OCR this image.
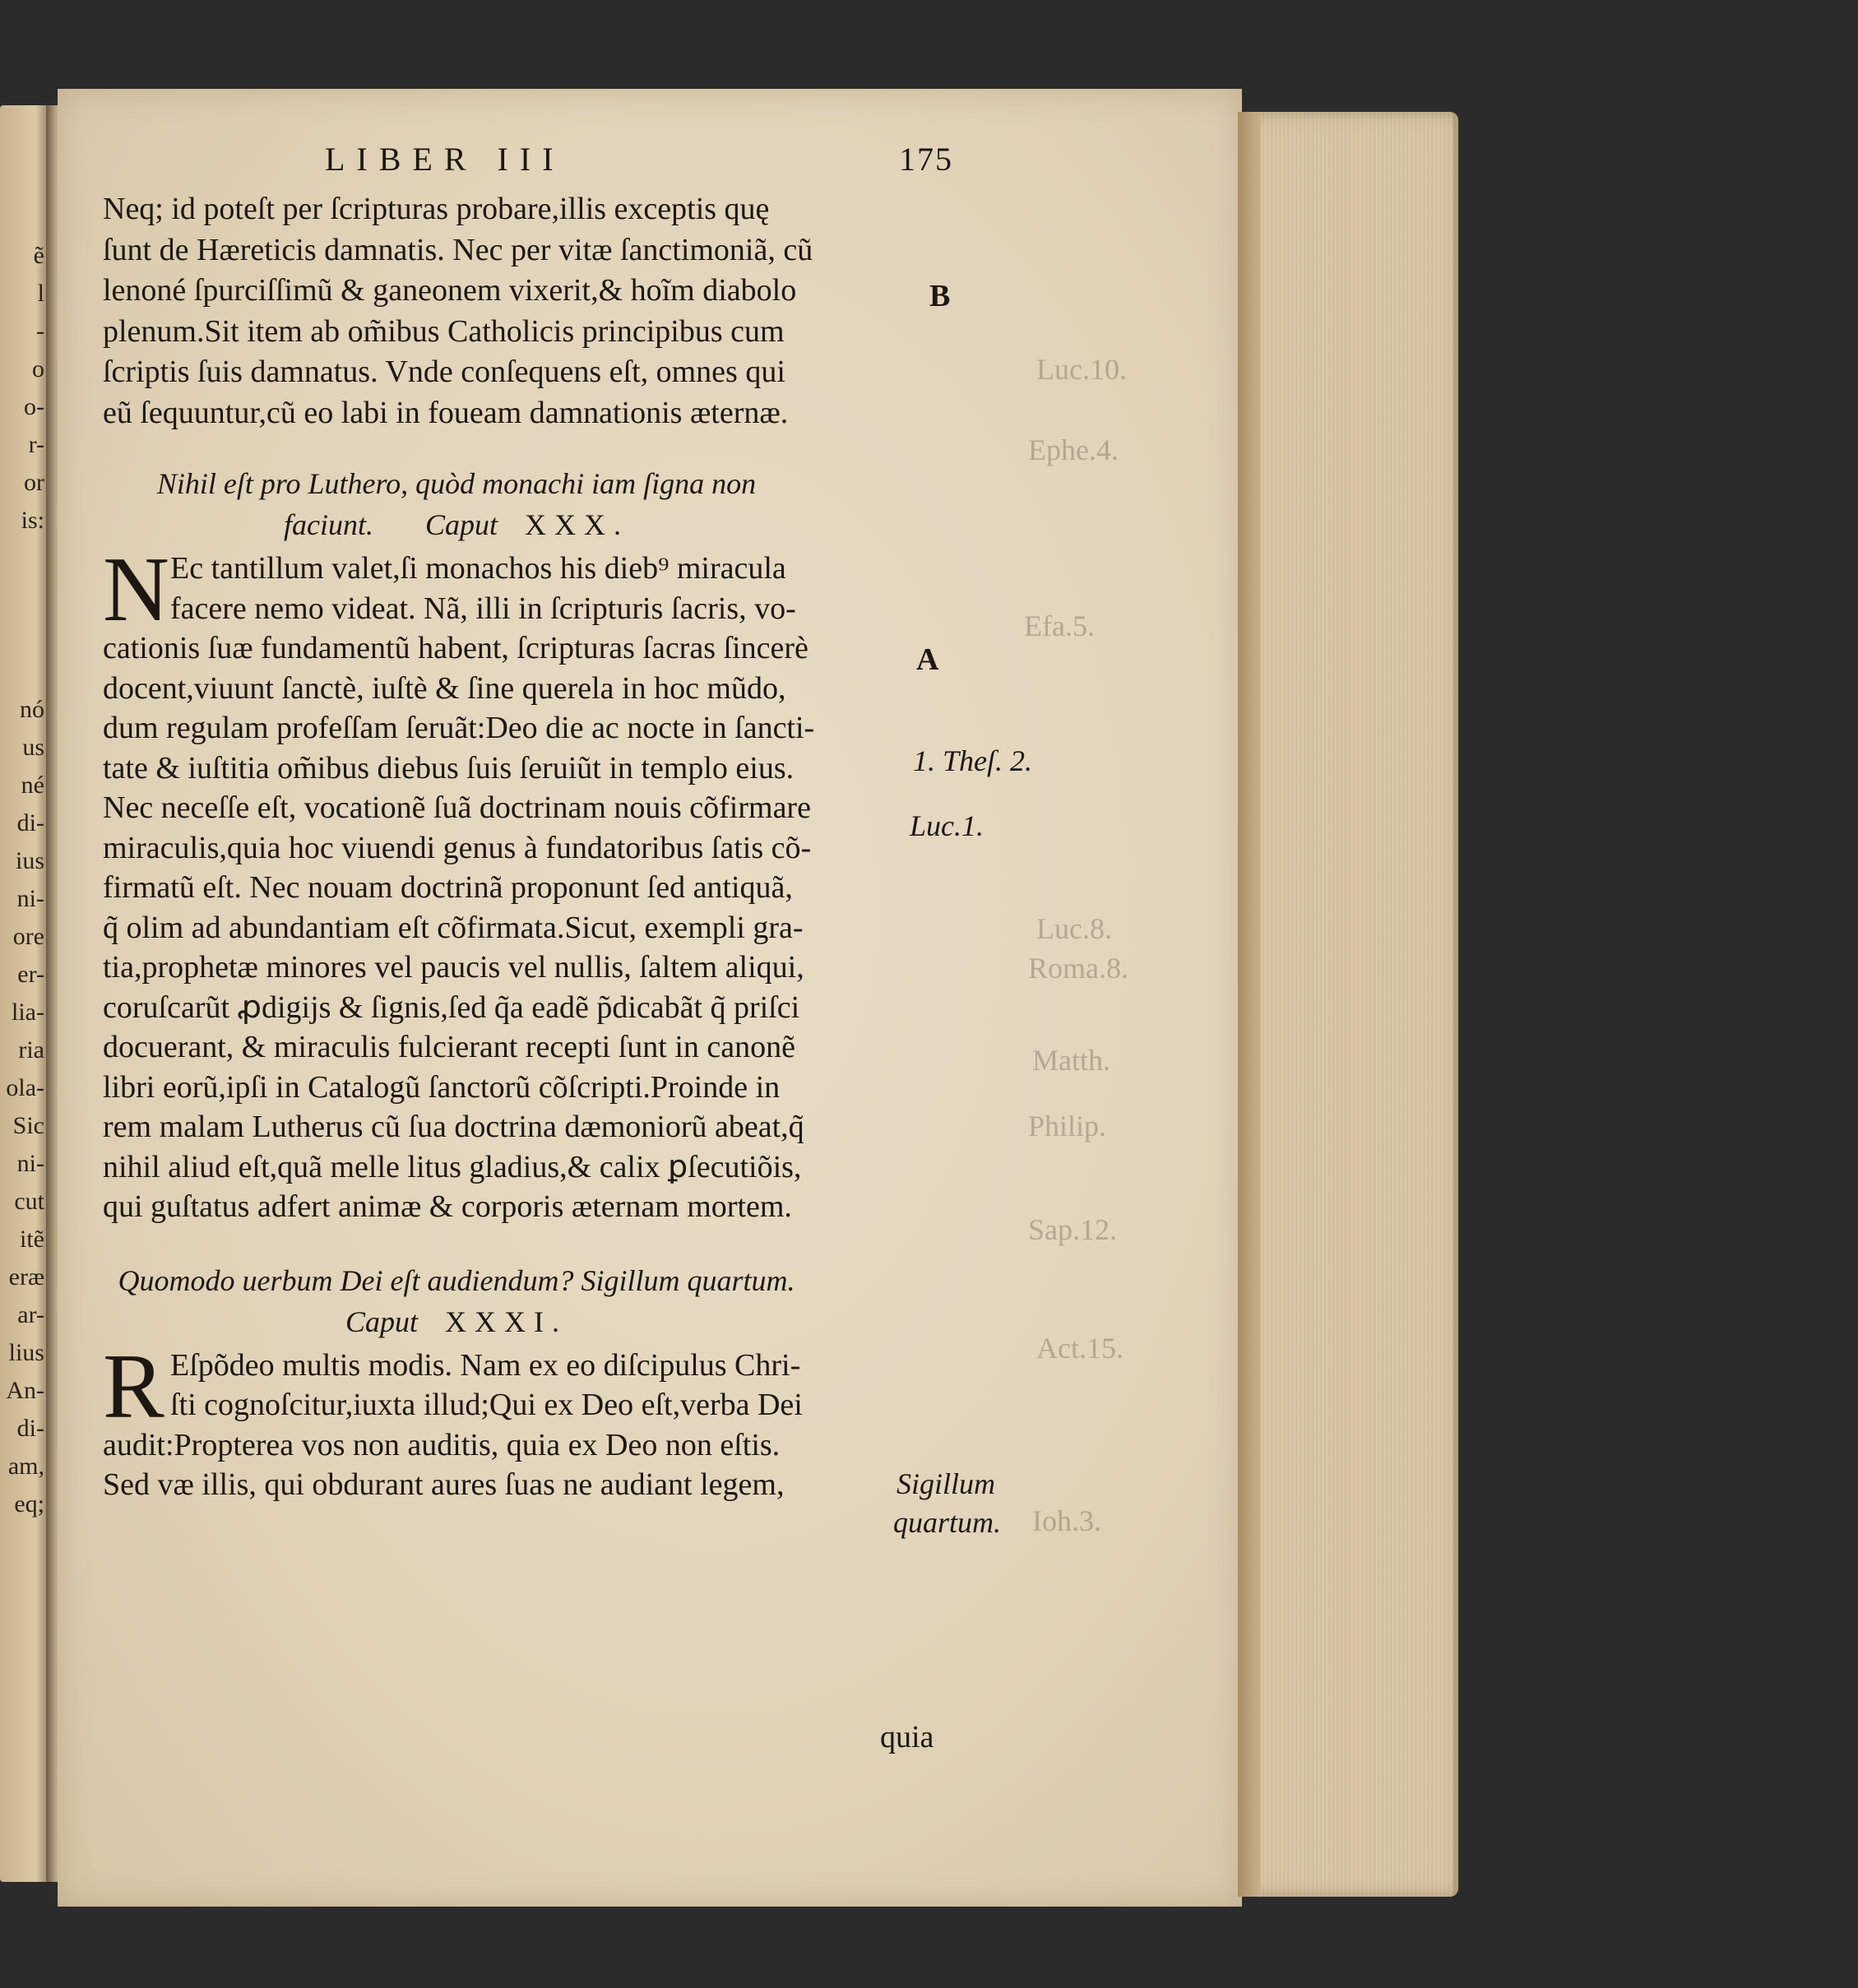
ẽ
l
-
o
o-
r-
or
is:
nó
us
né
di-
ius
ni-
ore
er-
lia-
ria
ola-
Sic
ni-
cut
itẽ
eræ
ar-
lius
An-
di-
am,
eq;
Luc.10.
Ephe.4.
Efa.5.
Luc.8.
Roma.8.
Matth.
Philip.
Sap.12.
Act.15.
Ioh.3.
B
A
1. Theſ. 2.
Luc.1.
Sigillum
quartum.
quia
LIBER III	175
Neq; id poteſt per ſcripturas probare,illis exceptis quę
ſunt de Hæreticis damnatis. Nec per vitæ ſanctimoniã, cũ
lenoné ſpurciſſimũ & ganeonem vixerit,& hoĩm diabolo
plenum.Sit item ab om̃ibus Catholicis principibus cum
ſcriptis ſuis damnatus. Vnde conſequens eſt, omnes qui
eũ ſequuntur,cũ eo labi in foueam damnationis æternæ.
Nihil eſt pro Luthero, quòd monachi iam ſigna non
faciunt. Caput XXX.
N Ec tantillum valet,ſi monachos his dieb⁹ miracula
facere nemo videat. Nã, illi in ſcripturis ſacris, vo-
cationis ſuæ fundamentũ habent, ſcripturas ſacras ſincerè
docent,viuunt ſanctè, iuſtè & ſine querela in hoc mũdo,
dum regulam profeſſam ſeruãt:Deo die ac nocte in ſancti-
tate & iuſtitia om̃ibus diebus ſuis ſeruiũt in templo eius.
Nec neceſſe eſt, vocationẽ ſuã doctrinam nouis cõfirmare
miraculis,quia hoc viuendi genus à fundatoribus ſatis cõ-
firmatũ eſt. Nec nouam doctrinã proponunt ſed antiquã,
q̃ olim ad abundantiam eſt cõfirmata.Sicut, exempli gra-
tia,prophetæ minores vel paucis vel nullis, ſaltem aliqui,
coruſcarũt ꝓdigijs & ſignis,ſed q̃a eadẽ p̃dicabãt q̃ priſci
docuerant, & miraculis fulcierant recepti ſunt in canonẽ
libri eorũ,ipſi in Catalogũ ſanctorũ cõſcripti.Proinde in
rem malam Lutherus cũ ſua doctrina dæmoniorũ abeat,q̃
nihil aliud eſt,quã melle litus gladius,& calix ꝑſecutiõis,
qui guſtatus adfert animæ & corporis æternam mortem.
Quomodo uerbum Dei eſt audiendum? Sigillum quartum.
Caput XXXI.
R Eſpõdeo multis modis. Nam ex eo diſcipulus Chri-
ſti cognoſcitur,iuxta illud;Qui ex Deo eſt,verba Dei
audit:Propterea vos non auditis, quia ex Deo non eſtis.
Sed væ illis, qui obdurant aures ſuas ne audiant legem,
